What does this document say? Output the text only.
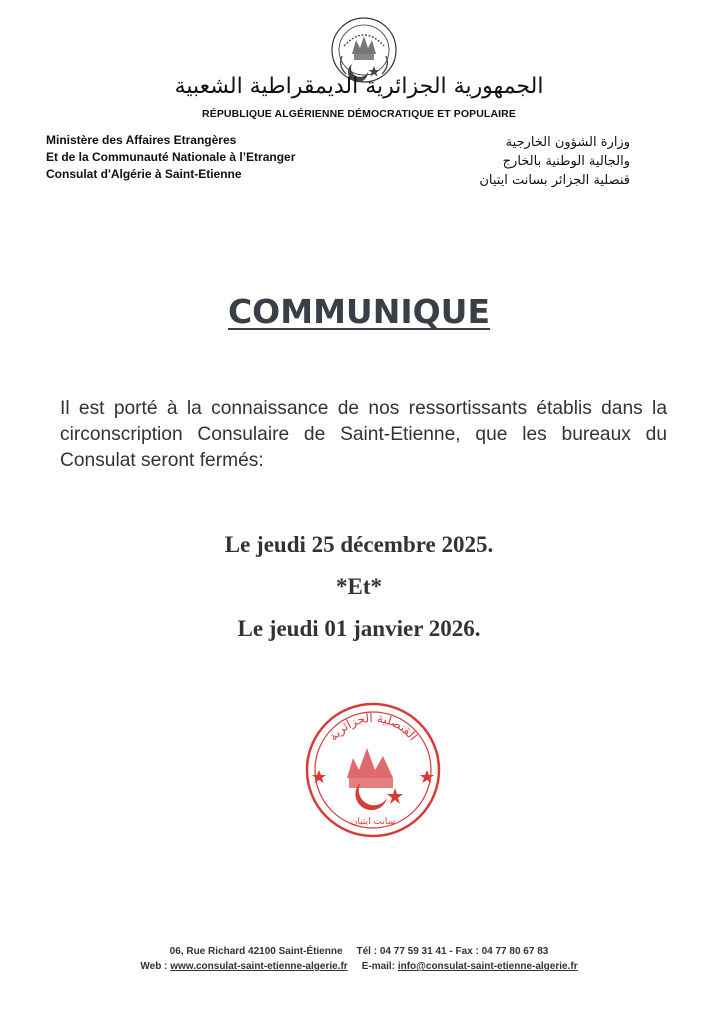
الجمهورية الجزائرية الديمقراطية الشعبية
RÉPUBLIQUE ALGÉRIENNE DÉMOCRATIQUE ET POPULAIRE
Ministère des Affaires Etrangères
Et de la Communauté Nationale à l’Etranger
Consulat d'Algérie à Saint-Etienne
وزارة الشؤون الخارجية
والجالية الوطنية بالخارج
قنصلية الجزائر بسانت ايتيان
COMMUNIQUE
Il est porté à la connaissance de nos ressortissants établis dans la circonscription Consulaire de Saint-Etienne, que les bureaux du Consulat seront fermés:
Le jeudi 25 décembre 2025.
*Et*
Le jeudi 01 janvier 2026.
القنصلية الجزائرية
سانت ايتيان
06, Rue Richard 42100 Saint-Étienne Tél : 04 77 59 31 41 - Fax : 04 77 80 67 83
Web : www.consulat-saint-etienne-algerie.fr E-mail: info@consulat-saint-etienne-algerie.fr
